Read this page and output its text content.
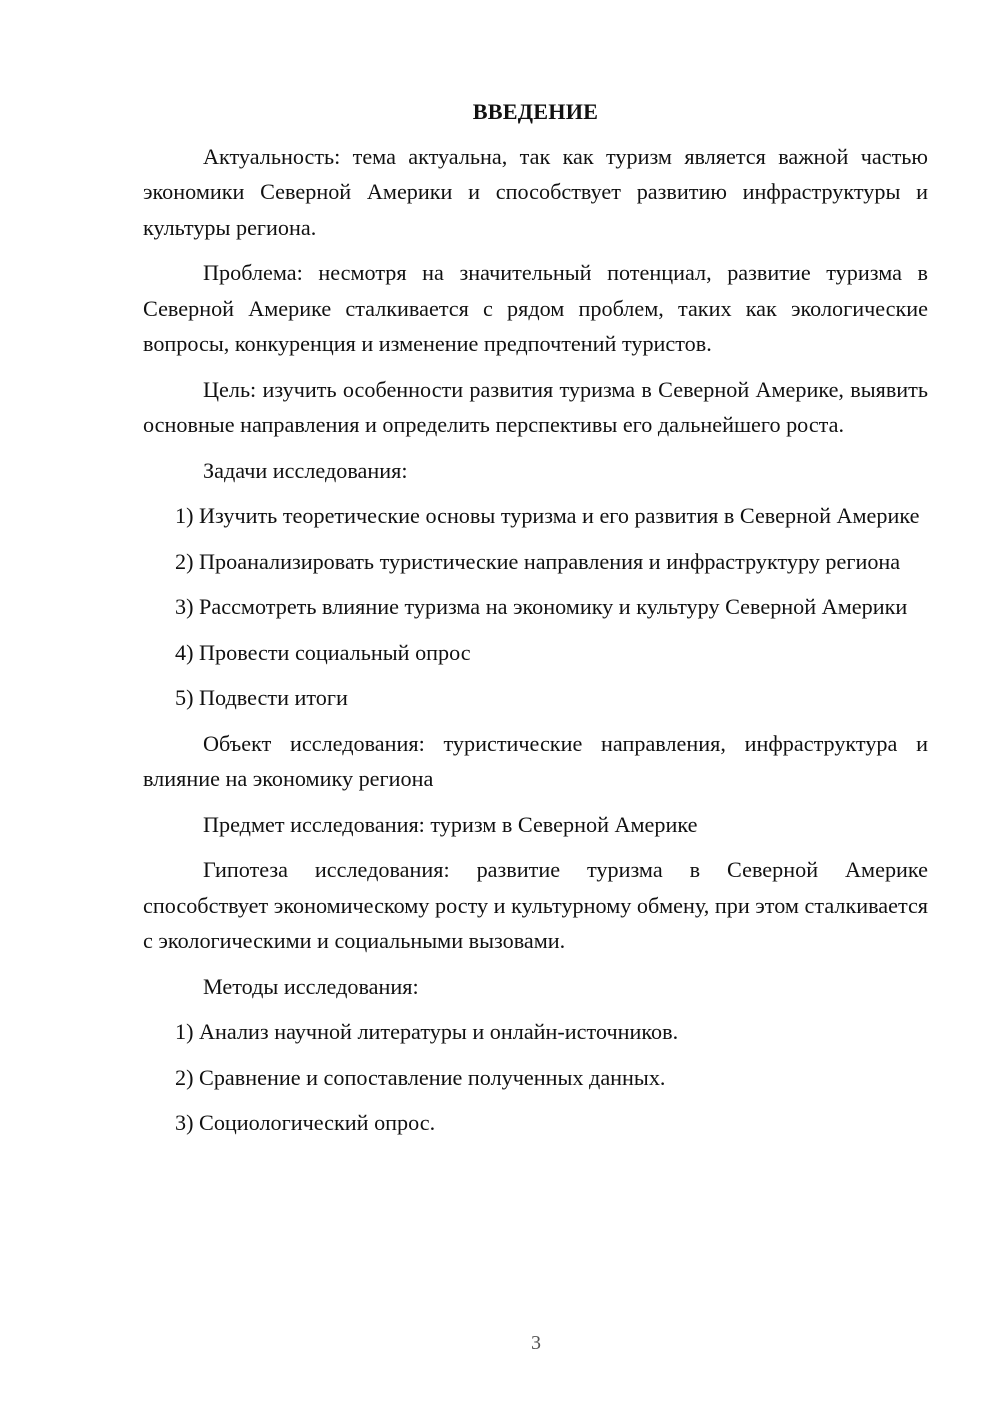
ВВЕДЕНИЕ

Актуальность: тема актуальна, так как туризм является важной частью экономики Северной Америки и способствует развитию инфраструктуры и культуры региона.

Проблема: несмотря на значительный потенциал, развитие туризма в Северной Америке сталкивается с рядом проблем, таких как экологические вопросы, конкуренция и изменение предпочтений туристов.

Цель: изучить особенности развития туризма в Северной Америке, выявить основные направления и определить перспективы его дальнейшего роста.

Задачи исследования:

1) Изучить теоретические основы туризма и его развития в Северной Америке

2) Проанализировать туристические направления и инфраструктуру региона

3) Рассмотреть влияние туризма на экономику и культуру Северной Америки

4) Провести социальный опрос

5) Подвести итоги

Объект исследования: туристические направления, инфраструктура и влияние на экономику региона

Предмет исследования: туризм в Северной Америке

Гипотеза исследования: развитие туризма в Северной Америке способствует экономическому росту и культурному обмену, при этом сталкивается с экологическими и социальными вызовами.

Методы исследования:

1) Анализ научной литературы и онлайн-источников.

2) Сравнение и сопоставление полученных данных.

3) Социологический опрос.

3
